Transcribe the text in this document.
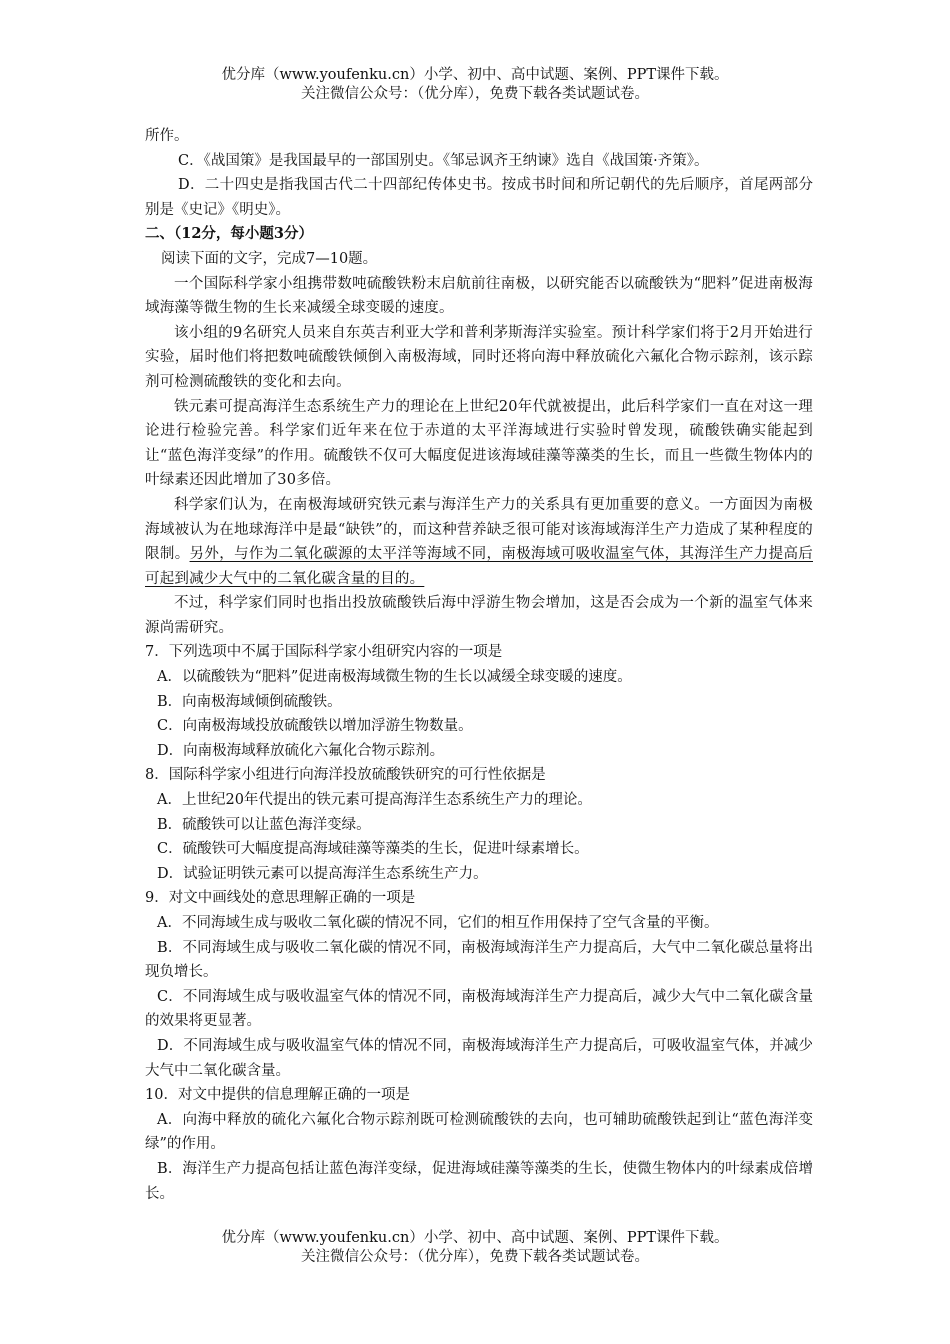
优分库（www.youfenku.cn）小学、初中、高中试题、案例、PPT课件下载。
关注微信公众号：（优分库），免费下载各类试题试卷。
所作。
C．《战国策》是我国最早的一部国别史。《邹忌讽齐王纳谏》选自《战国策·齐策》。
D．二十四史是指我国古代二十四部纪传体史书。按成书时间和所记朝代的先后顺序，首尾两部分别是《史记》《明史》。
二、（12分，每小题3分）
阅读下面的文字，完成7—10题。
一个国际科学家小组携带数吨硫酸铁粉末启航前往南极，以研究能否以硫酸铁为“肥料”促进南极海域海藻等微生物的生长来减缓全球变暖的速度。
该小组的9名研究人员来自东英吉利亚大学和普利茅斯海洋实验室。预计科学家们将于2月开始进行实验，届时他们将把数吨硫酸铁倾倒入南极海域，同时还将向海中释放硫化六氟化合物示踪剂，该示踪剂可检测硫酸铁的变化和去向。
铁元素可提高海洋生态系统生产力的理论在上世纪20年代就被提出，此后科学家们一直在对这一理论进行检验完善。科学家们近年来在位于赤道的太平洋海域进行实验时曾发现，硫酸铁确实能起到让“蓝色海洋变绿”的作用。硫酸铁不仅可大幅度促进该海域硅藻等藻类的生长，而且一些微生物体内的叶绿素还因此增加了30多倍。
科学家们认为，在南极海域研究铁元素与海洋生产力的关系具有更加重要的意义。一方面因为南极海域被认为在地球海洋中是最“缺铁”的，而这种营养缺乏很可能对该海域海洋生产力造成了某种程度的限制。另外，与作为二氧化碳源的太平洋等海域不同，南极海域可吸收温室气体，其海洋生产力提高后可起到减少大气中的二氧化碳含量的目的。
不过，科学家们同时也指出投放硫酸铁后海中浮游生物会增加，这是否会成为一个新的温室气体来源尚需研究。
7．下列选项中不属于国际科学家小组研究内容的一项是
A．以硫酸铁为“肥料”促进南极海域微生物的生长以减缓全球变暖的速度。
B．向南极海域倾倒硫酸铁。
C．向南极海域投放硫酸铁以增加浮游生物数量。
D．向南极海域释放硫化六氟化合物示踪剂。
8．国际科学家小组进行向海洋投放硫酸铁研究的可行性依据是
A．上世纪20年代提出的铁元素可提高海洋生态系统生产力的理论。
B．硫酸铁可以让蓝色海洋变绿。
C．硫酸铁可大幅度提高海域硅藻等藻类的生长，促进叶绿素增长。
D．试验证明铁元素可以提高海洋生态系统生产力。
9．对文中画线处的意思理解正确的一项是
A．不同海域生成与吸收二氧化碳的情况不同，它们的相互作用保持了空气含量的平衡。
B．不同海域生成与吸收二氧化碳的情况不同，南极海域海洋生产力提高后，大气中二氧化碳总量将出现负增长。
C．不同海域生成与吸收温室气体的情况不同，南极海域海洋生产力提高后，减少大气中二氧化碳含量的效果将更显著。
D．不同海域生成与吸收温室气体的情况不同，南极海域海洋生产力提高后，可吸收温室气体，并减少大气中二氧化碳含量。
10．对文中提供的信息理解正确的一项是
A．向海中释放的硫化六氟化合物示踪剂既可检测硫酸铁的去向，也可辅助硫酸铁起到让“蓝色海洋变绿”的作用。
B．海洋生产力提高包括让蓝色海洋变绿，促进海域硅藻等藻类的生长，使微生物体内的叶绿素成倍增长。
优分库（www.youfenku.cn）小学、初中、高中试题、案例、PPT课件下载。
关注微信公众号：（优分库），免费下载各类试题试卷。
